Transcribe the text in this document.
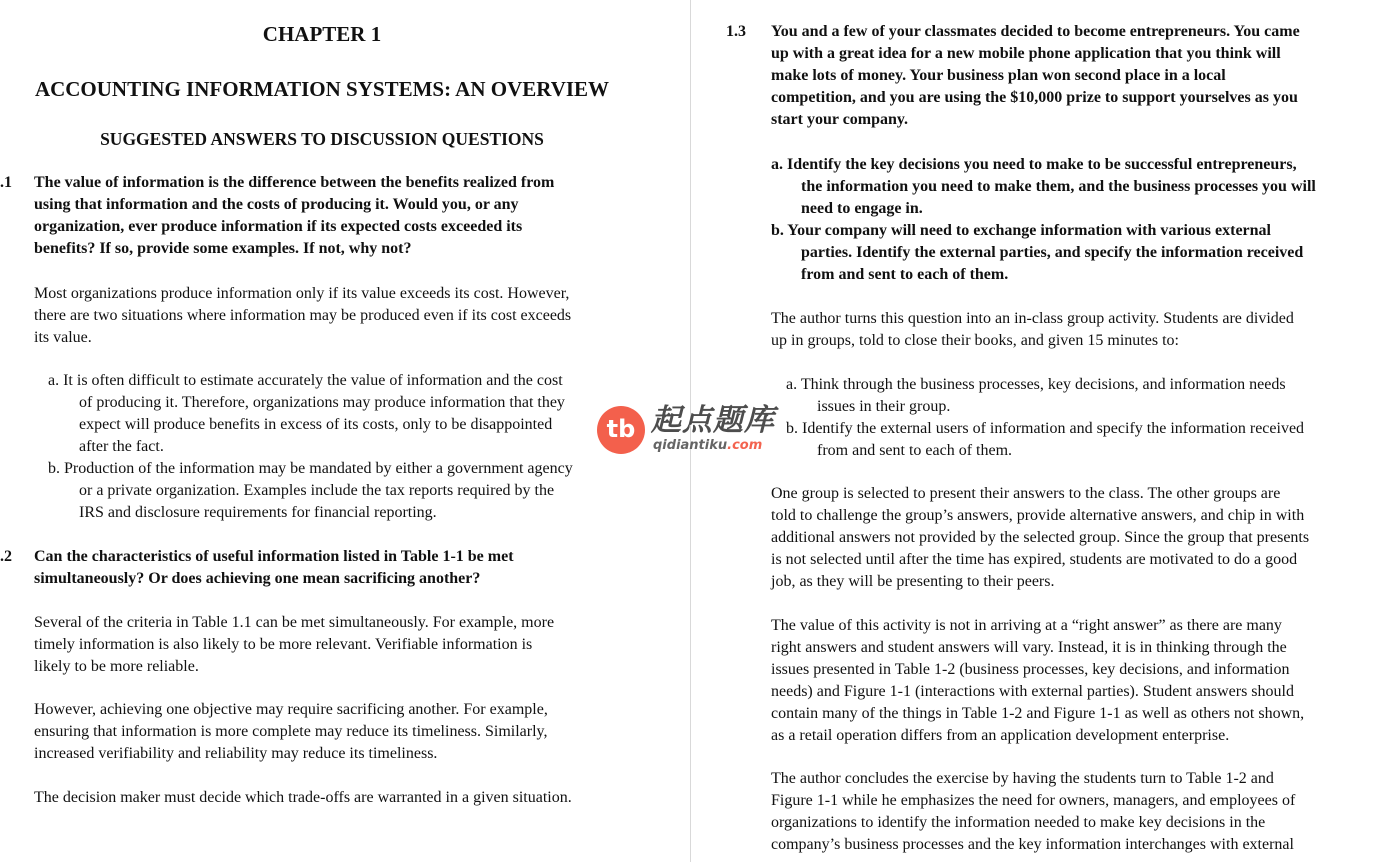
CHAPTER 1
ACCOUNTING INFORMATION SYSTEMS: AN OVERVIEW
SUGGESTED ANSWERS TO DISCUSSION QUESTIONS
.1 The value of information is the difference between the benefits realized from
using that information and the costs of producing it. Would you, or any
organization, ever produce information if its expected costs exceeded its
benefits? If so, provide some examples. If not, why not?
Most organizations produce information only if its value exceeds its cost. However,
there are two situations where information may be produced even if its cost exceeds
its value.
a. It is often difficult to estimate accurately the value of information and the cost
of producing it. Therefore, organizations may produce information that they
expect will produce benefits in excess of its costs, only to be disappointed
after the fact.
b. Production of the information may be mandated by either a government agency
or a private organization. Examples include the tax reports required by the
IRS and disclosure requirements for financial reporting.
.2 Can the characteristics of useful information listed in Table 1-1 be met
simultaneously? Or does achieving one mean sacrificing another?
Several of the criteria in Table 1.1 can be met simultaneously. For example, more
timely information is also likely to be more relevant. Verifiable information is
likely to be more reliable.
However, achieving one objective may require sacrificing another. For example,
ensuring that information is more complete may reduce its timeliness. Similarly,
increased verifiability and reliability may reduce its timeliness.
The decision maker must decide which trade-offs are warranted in a given situation.
1.3 You and a few of your classmates decided to become entrepreneurs. You came
up with a great idea for a new mobile phone application that you think will
make lots of money. Your business plan won second place in a local
competition, and you are using the $10,000 prize to support yourselves as you
start your company.
a. Identify the key decisions you need to make to be successful entrepreneurs,
the information you need to make them, and the business processes you will
need to engage in.
b. Your company will need to exchange information with various external
parties. Identify the external parties, and specify the information received
from and sent to each of them.
The author turns this question into an in-class group activity. Students are divided
up in groups, told to close their books, and given 15 minutes to:
a. Think through the business processes, key decisions, and information needs
issues in their group.
b. Identify the external users of information and specify the information received
from and sent to each of them.
One group is selected to present their answers to the class. The other groups are
told to challenge the group’s answers, provide alternative answers, and chip in with
additional answers not provided by the selected group. Since the group that presents
is not selected until after the time has expired, students are motivated to do a good
job, as they will be presenting to their peers.
The value of this activity is not in arriving at a “right answer” as there are many
right answers and student answers will vary. Instead, it is in thinking through the
issues presented in Table 1-2 (business processes, key decisions, and information
needs) and Figure 1-1 (interactions with external parties). Student answers should
contain many of the things in Table 1-2 and Figure 1-1 as well as others not shown,
as a retail operation differs from an application development enterprise.
The author concludes the exercise by having the students turn to Table 1-2 and
Figure 1-1 while he emphasizes the need for owners, managers, and employees of
organizations to identify the information needed to make key decisions in the
company’s business processes and the key information interchanges with external
tb 起点题库
qidiantiku.com
